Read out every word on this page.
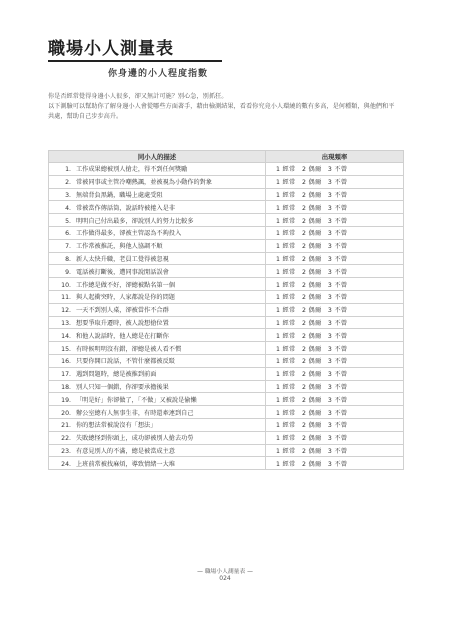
職場小人測量表
你身邊的小人程度指數

你是否經常覺得身邊小人很多，卻又無計可施？別心急，別抓狂。

以下測驗可以幫助你了解身邊小人會從哪些方面著手，藉由檢測結果，看看你究竟小人環繞的數有多高，是何種類，與他們和平共處，幫助自己步步高升。

同小人的描述	出現頻率
1. 工作成果總被別人搶走，得不到任何獎勵	1 經常　2 偶爾　3 不曾
2. 常被同事或主管冷嘲熱諷，並被視為小動作的對象	1 經常　2 偶爾　3 不曾
3. 無端背負黑鍋，職場上處處受阻	1 經常　2 偶爾　3 不曾
4. 常被當作傳話筒，說話時被捲入是非	1 經常　2 偶爾　3 不曾
5. 明明自己付出最多，卻說別人的努力比較多	1 經常　2 偶爾　3 不曾
6. 工作做得最多，卻被主管認為不夠投入	1 經常　2 偶爾　3 不曾
7. 工作常被推託，與他人協調不順	1 經常　2 偶爾　3 不曾
8. 新人太快升職，老員工覺得被忽視	1 經常　2 偶爾　3 不曾
9. 電話被打斷後，遭同事說閒話誤會	1 經常　2 偶爾　3 不曾
10. 工作總是做不好，卻總被點名第一個	1 經常　2 偶爾　3 不曾
11. 與人起衝突時，人家都說是你的問題	1 經常　2 偶爾　3 不曾
12. 一天不到別人桌，卻被當作不合群	1 經常　2 偶爾　3 不曾
13. 想要爭取升遷時，被人說想搶位置	1 經常　2 偶爾　3 不曾
14. 和他人說話時，他人總是在打斷你	1 經常　2 偶爾　3 不曾
15. 有時候明明沒有錯，卻總是被人看不慣	1 經常　2 偶爾　3 不曾
16. 只要你開口說話，不管什麼都被反駁	1 經常　2 偶爾　3 不曾
17. 遇到問題時，總是被推到前面	1 經常　2 偶爾　3 不曾
18. 別人只知一個錯，你卻要承擔後果	1 經常　2 偶爾　3 不曾
19. 「明是好」你卻做了，「不做」又被說是偷懶	1 經常　2 偶爾　3 不曾
20. 辦公室總有人無事生非，有時還牽連到自己	1 經常　2 偶爾　3 不曾
21. 你的想法常被說沒有「想法」	1 經常　2 偶爾　3 不曾
22. 失敗總怪到你頭上，成功卻被別人搶去功勞	1 經常　2 偶爾　3 不曾
23. 有意見別人的不滿，總是被當成主意	1 經常　2 偶爾　3 不曾
24. 上班前常被找麻煩，導致情緒一大堆	1 經常　2 偶爾　3 不曾
— 職場小人測量表 —
024
